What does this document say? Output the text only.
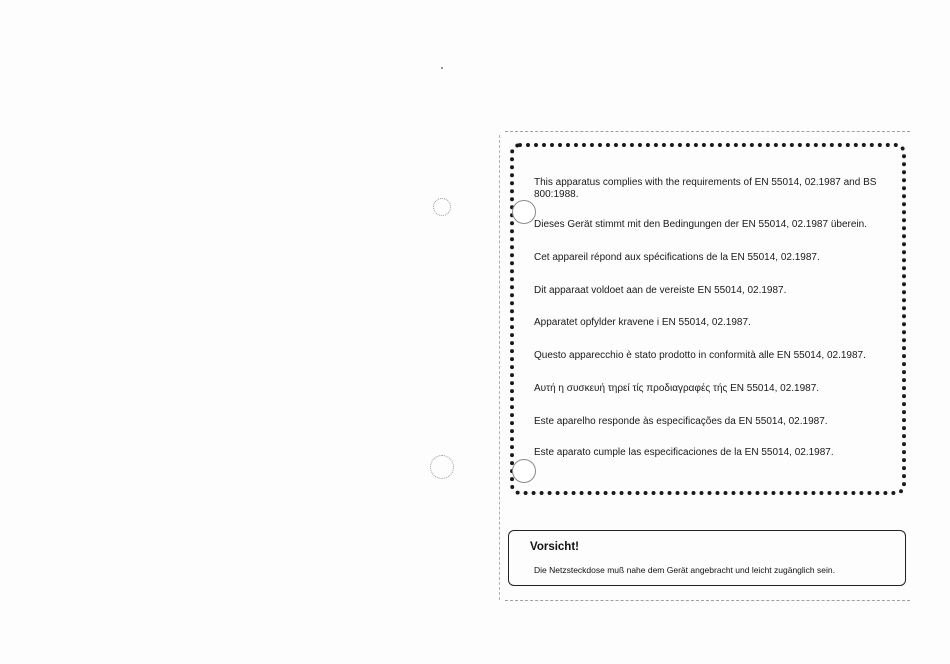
This apparatus complies with the requirements of EN 55014, 02.1987 and BS 800:1988.
Dieses Gerät stimmt mit den Bedingungen der EN 55014, 02.1987 überein.
Cet appareil répond aux spécifications de la EN 55014, 02.1987.
Dit apparaat voldoet aan de vereiste EN 55014, 02.1987.
Apparatet opfylder kravene i EN 55014, 02.1987.
Questo apparecchio è stato prodotto in conformità alle EN 55014, 02.1987.
Αυτή η συσκευή τηρεί τίς προδιαγραφές τής EN 55014, 02.1987.
Este aparelho responde às especificações da EN 55014, 02.1987.
Este aparato cumple las especificaciones de la EN 55014, 02.1987.
Vorsicht!
Die Netzsteckdose muß nahe dem Gerät angebracht und leicht zugänglich sein.
